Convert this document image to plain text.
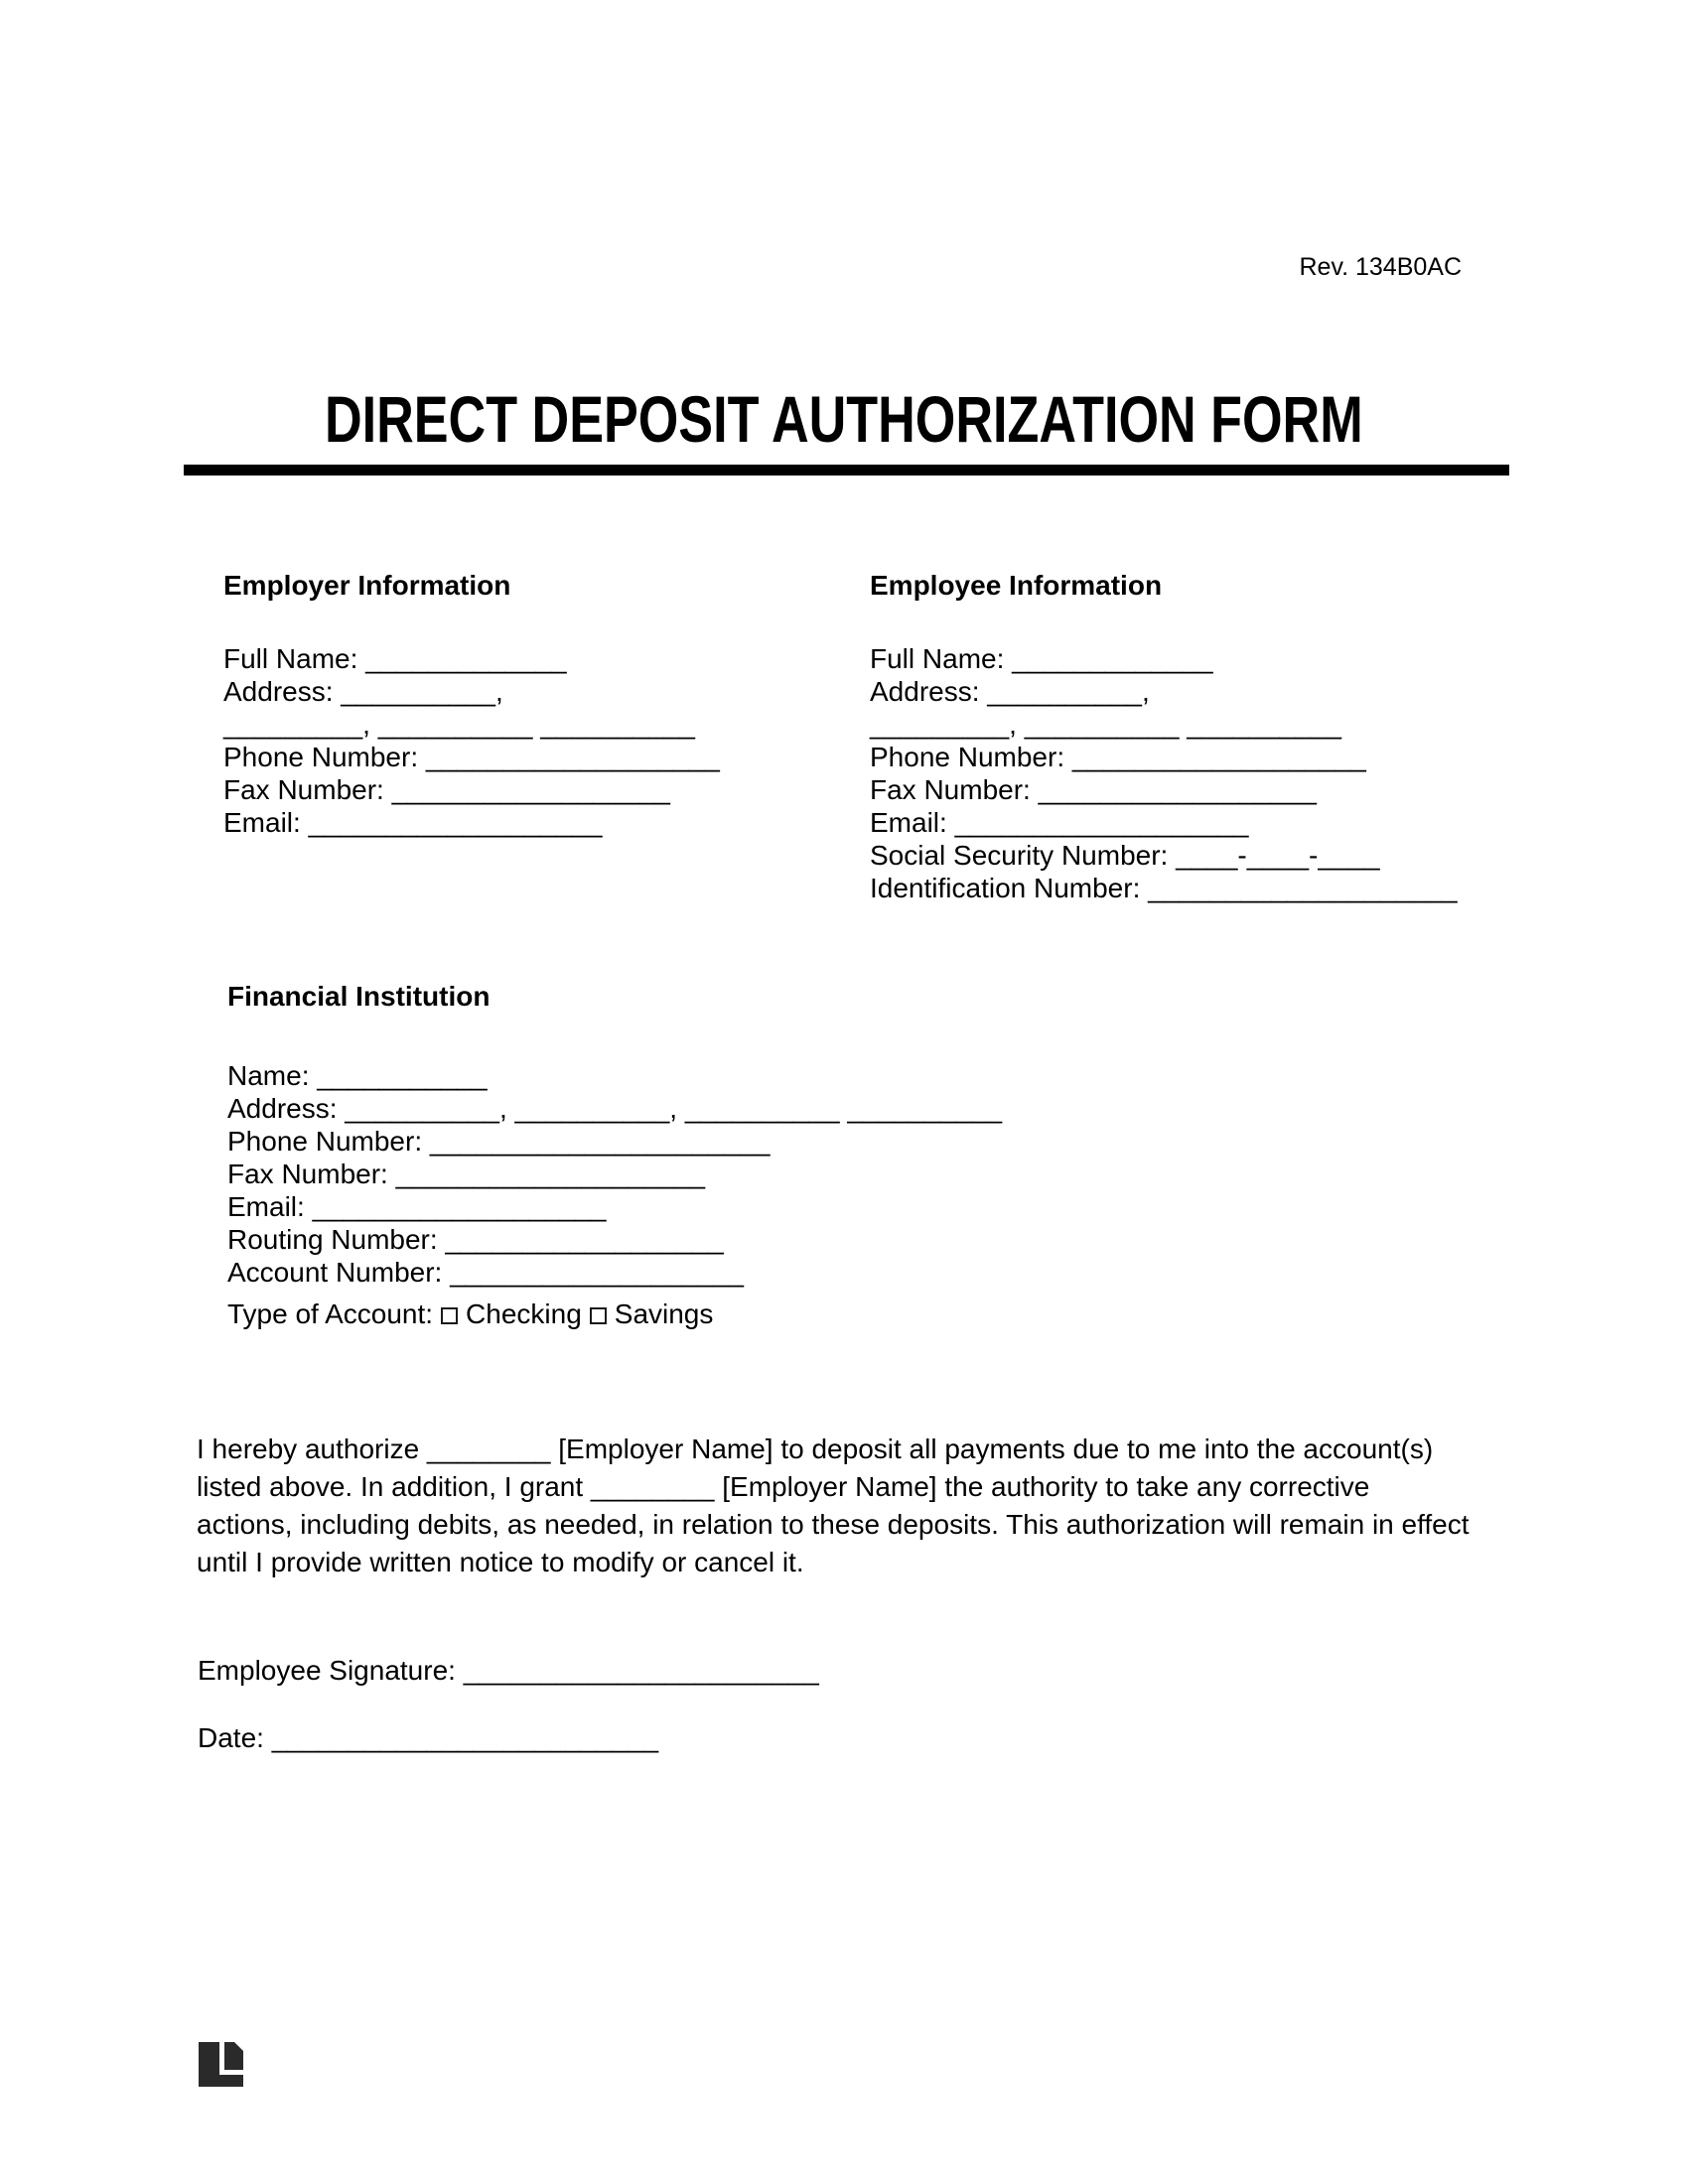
Rev. 134B0AC
DIRECT DEPOSIT AUTHORIZATION FORM
Employer Information	Employee Information
Full Name: _____________
Address: __________,
_________, __________ __________
Phone Number: ___________________
Fax Number: __________________
Email: ___________________
Full Name: _____________
Address: __________,
_________, __________ __________
Phone Number: ___________________
Fax Number: __________________
Email: ___________________
Social Security Number: ____-____-____
Identification Number: ____________________
Financial Institution
Name: ___________
Address: __________, __________, __________ __________
Phone Number: ______________________
Fax Number: ____________________
Email: ___________________
Routing Number: __________________
Account Number: ___________________
Type of Account: Checking Savings
I hereby authorize ________ [Employer Name] to deposit all payments due to me into the account(s)
listed above. In addition, I grant ________ [Employer Name] the authority to take any corrective
actions, including debits, as needed, in relation to these deposits. This authorization will remain in effect
until I provide written notice to modify or cancel it.
Employee Signature: _______________________
Date: _________________________
